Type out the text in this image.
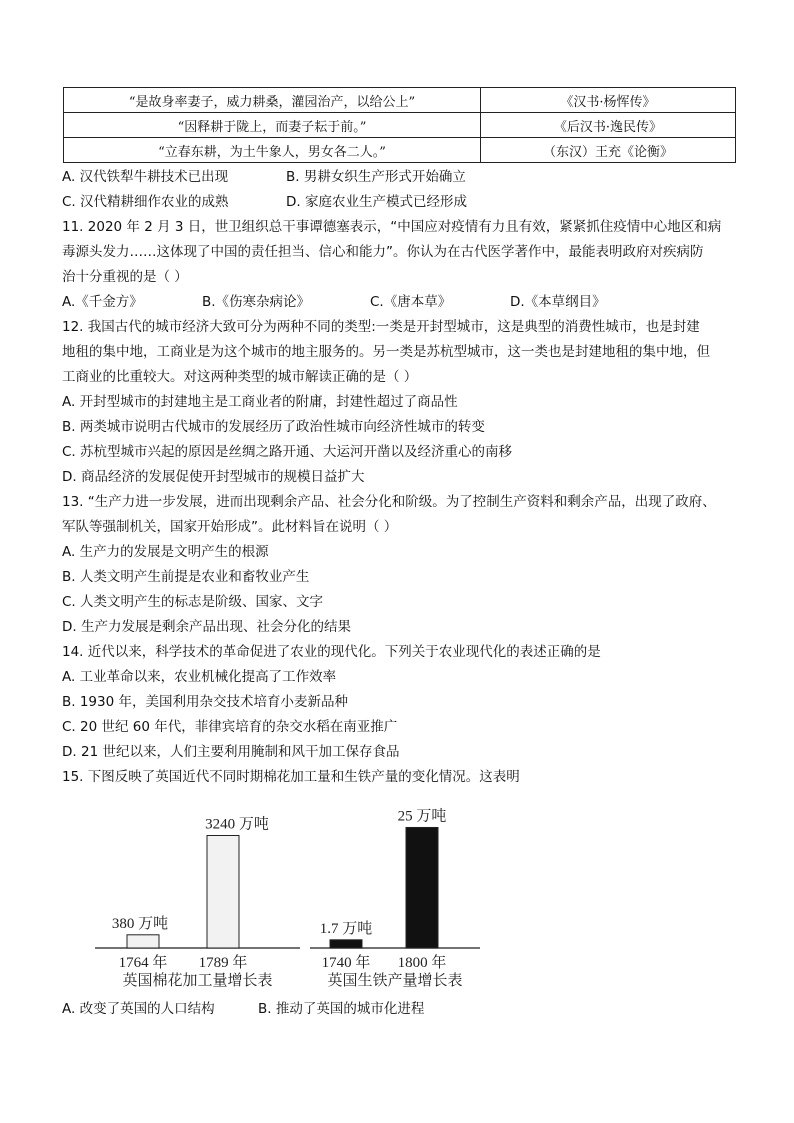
“是故身率妻子，威力耕桑，灌园治产，以给公上”	《汉书·杨恽传》
“因释耕于陇上，而妻子耘于前。”	《后汉书·逸民传》
“立春东耕，为土牛象人，男女各二人。”	（东汉）王充《论衡》
A. 汉代铁犁牛耕技术已出现	B. 男耕女织生产形式开始确立
C. 汉代精耕细作农业的成熟	D. 家庭农业生产模式已经形成
11. 2020 年 2 月 3 日，世卫组织总干事谭德塞表示，“中国应对疫情有力且有效，紧紧抓住疫情中心地区和病
毒源头发力……这体现了中国的责任担当、信心和能力”。你认为在古代医学著作中，最能表明政府对疾病防
治十分重视的是（ ）
A.《千金方》	B.《伤寒杂病论》	C.《唐本草》	D.《本草纲目》
12. 我国古代的城市经济大致可分为两种不同的类型:一类是开封型城市，这是典型的消费性城市，也是封建
地租的集中地，工商业是为这个城市的地主服务的。另一类是苏杭型城市，这一类也是封建地租的集中地，但
工商业的比重较大。对这两种类型的城市解读正确的是（ ）
A. 开封型城市的封建地主是工商业者的附庸，封建性超过了商品性
B. 两类城市说明古代城市的发展经历了政治性城市向经济性城市的转变
C. 苏杭型城市兴起的原因是丝绸之路开通、大运河开凿以及经济重心的南移
D. 商品经济的发展促使开封型城市的规模日益扩大
13. “生产力进一步发展，进而出现剩余产品、社会分化和阶级。为了控制生产资料和剩余产品，出现了政府、
军队等强制机关，国家开始形成”。此材料旨在说明（ ）
A. 生产力的发展是文明产生的根源
B. 人类文明产生前提是农业和畜牧业产生
C. 人类文明产生的标志是阶级、国家、文字
D. 生产力发展是剩余产品出现、社会分化的结果
14. 近代以来，科学技术的革命促进了农业的现代化。下列关于农业现代化的表述正确的是
A. 工业革命以来，农业机械化提高了工作效率
B. 1930 年，美国利用杂交技术培育小麦新品种
C. 20 世纪 60 年代，菲律宾培育的杂交水稻在南亚推广
D. 21 世纪以来，人们主要利用腌制和风干加工保存食品
15. 下图反映了英国近代不同时期棉花加工量和生铁产量的变化情况。这表明
380 万吨
1764 年
3240 万吨
1789 年
英国棉花加工量增长表
1.7 万吨
1740 年
25 万吨
1800 年
英国生铁产量增长表
A. 改变了英国的人口结构	B. 推动了英国的城市化进程
